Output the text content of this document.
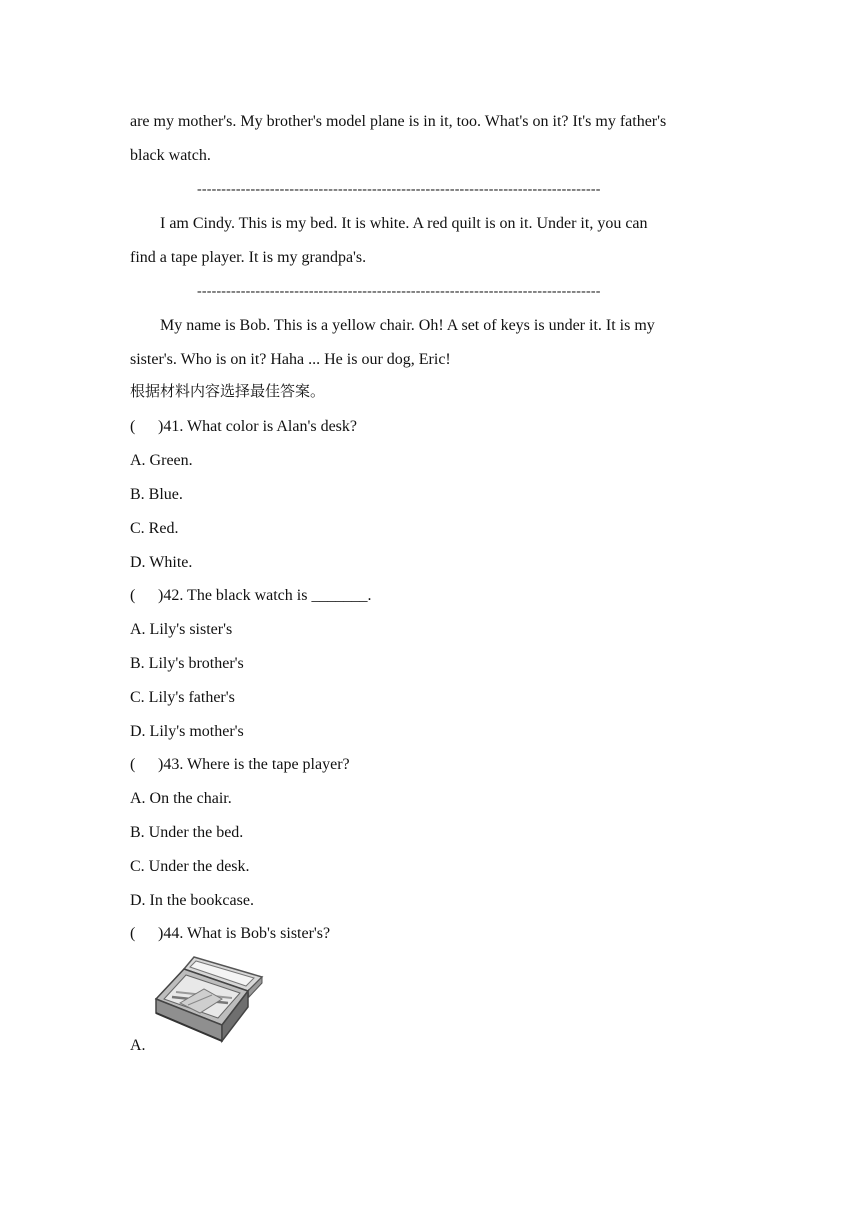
are my mother's. My brother's model plane is in it, too. What's on it? It's my father's
black watch.
-----------------------------------------------------------------------------------
I am Cindy. This is my bed. It is white. A red quilt is on it. Under it, you can
find a tape player. It is my grandpa's.
-----------------------------------------------------------------------------------
My name is Bob. This is a yellow chair. Oh! A set of keys is under it. It is my
sister's. Who is on it? Haha ... He is our dog, Eric!
根据材料内容选择最佳答案。
( )41. What color is Alan's desk?
A. Green.
B. Blue.
C. Red.
D. White.
( )42. The black watch is _______.
A. Lily's sister's
B. Lily's brother's
C. Lily's father's
D. Lily's mother's
( )43. Where is the tape player?
A. On the chair.
B. Under the bed.
C. Under the desk.
D. In the bookcase.
( )44. What is Bob's sister's?
A.
